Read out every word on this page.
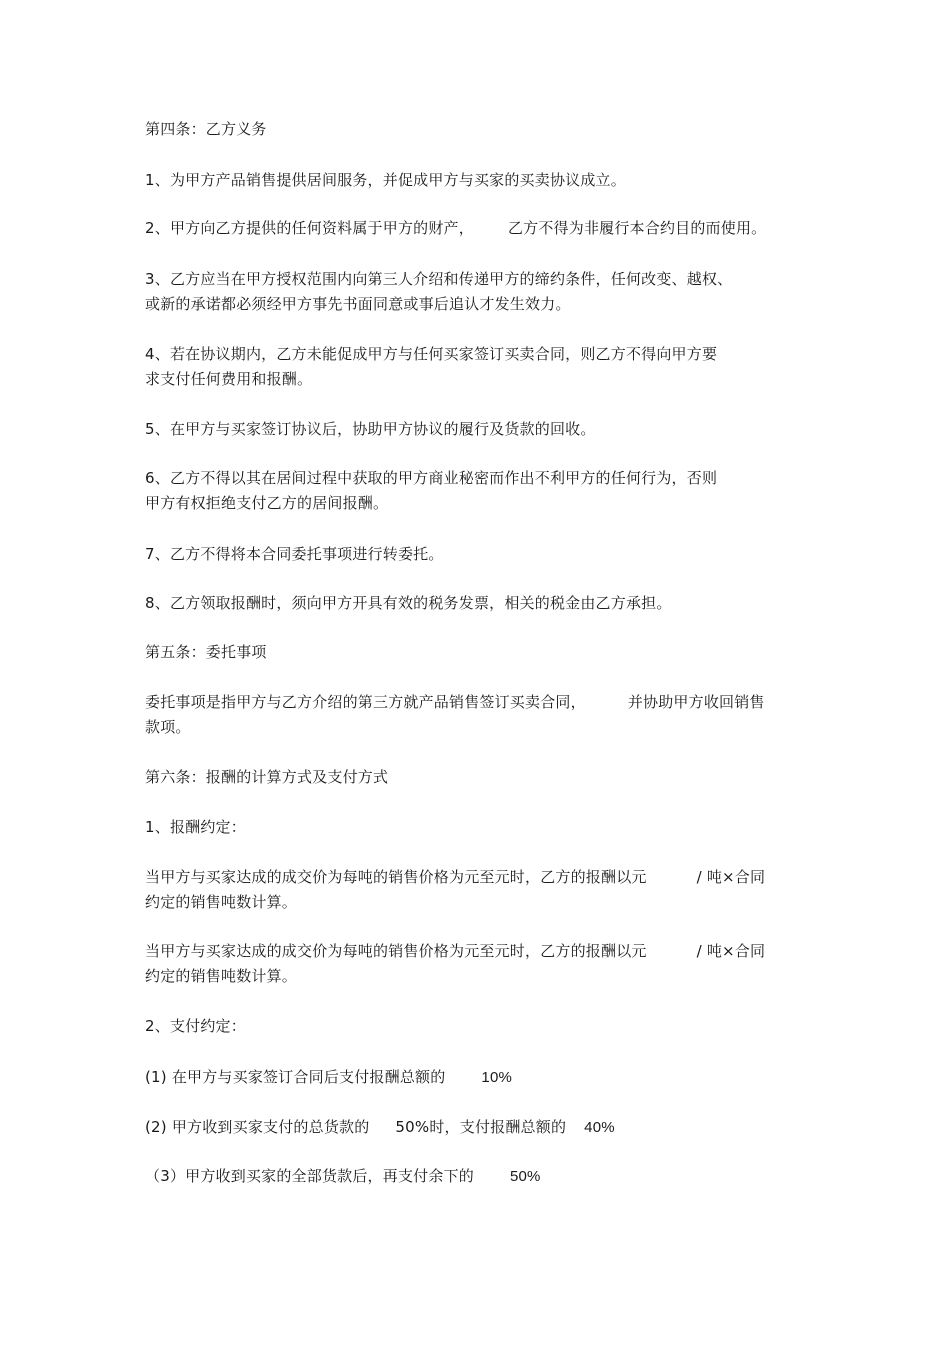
第四条：乙方义务
1、为甲方产品销售提供居间服务，并促成甲方与买家的买卖协议成立。
2、甲方向乙方提供的任何资料属于甲方的财产， 乙方不得为非履行本合约目的而使用。
3、乙方应当在甲方授权范围内向第三人介绍和传递甲方的缔约条件，任何改变、越权、
或新的承诺都必须经甲方事先书面同意或事后追认才发生效力。
4、若在协议期内，乙方未能促成甲方与任何买家签订买卖合同，则乙方不得向甲方要
求支付任何费用和报酬。
5、在甲方与买家签订协议后，协助甲方协议的履行及货款的回收。
6、乙方不得以其在居间过程中获取的甲方商业秘密而作出不利甲方的任何行为，否则
甲方有权拒绝支付乙方的居间报酬。
7、乙方不得将本合同委托事项进行转委托。
8、乙方领取报酬时，须向甲方开具有效的税务发票，相关的税金由乙方承担。
第五条：委托事项
委托事项是指甲方与乙方介绍的第三方就产品销售签订买卖合同，	并协助甲方收回销售
款项。
第六条：报酬的计算方式及支付方式
1、报酬约定：
当甲方与买家达成的成交价为每吨的销售价格为元至元时，乙方的报酬以元	/ 吨×合同
约定的销售吨数计算。
当甲方与买家达成的成交价为每吨的销售价格为元至元时，乙方的报酬以元	/ 吨×合同
约定的销售吨数计算。
2、支付约定：
(1) 在甲方与买家签订合同后支付报酬总额的 10%
(2) 甲方收到买家支付的总货款的 50%时，支付报酬总额的 40%
（3）甲方收到买家的全部货款后，再支付余下的 50%
